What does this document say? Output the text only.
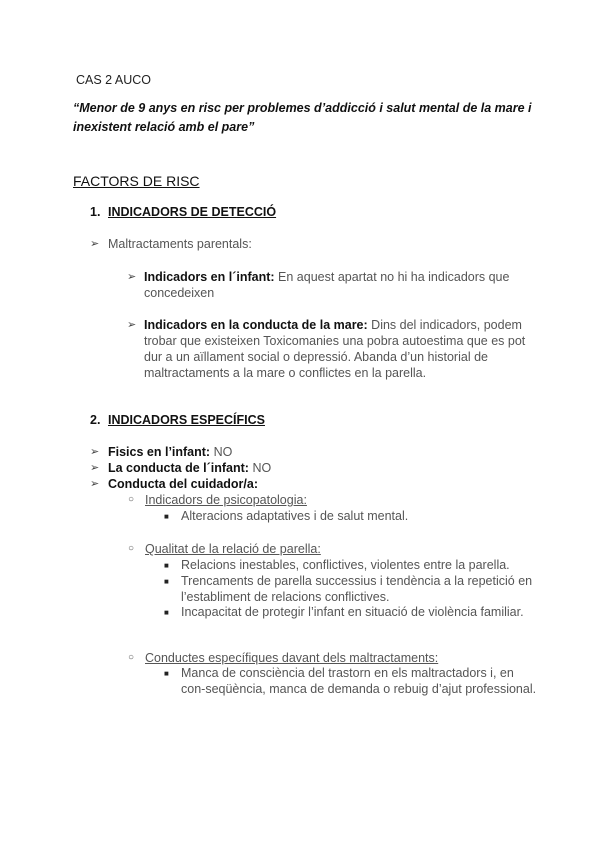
CAS 2 AUCO
“Menor de 9 anys en risc per problemes d’addicció i salut mental de la mare i
inexistent relació amb el pare”
FACTORS DE RISC
1. INDICADORS DE DETECCIÓ
➢ Maltractaments parentals:
➢ Indicadors en l´infant: En aquest apartat no hi ha indicadors que
concedeixen
➢ Indicadors en la conducta de la mare: Dins del indicadors, podem
trobar que existeixen Toxicomanies una pobra autoestima que es pot
dur a un aïllament social o depressió. Abanda d’un historial de
maltractaments a la mare o conflictes en la parella.
2. INDICADORS ESPECÍFICS
➢ Fisics en l’infant: NO
➢ La conducta de l´infant: NO
➢ Conducta del cuidador/a:
○ Indicadors de psicopatologia:
■ Alteracions adaptatives i de salut mental.
○ Qualitat de la relació de parella:
■ Relacions inestables, conflictives, violentes entre la parella.
■ Trencaments de parella successius i tendència a la repetició en
l’establiment de relacions conflictives.
■ Incapacitat de protegir l’infant en situació de violència familiar.
○ Conductes específiques davant dels maltractaments:
■ Manca de consciència del trastorn en els maltractadors i, en
con-seqüència, manca de demanda o rebuig d’ajut professional.
